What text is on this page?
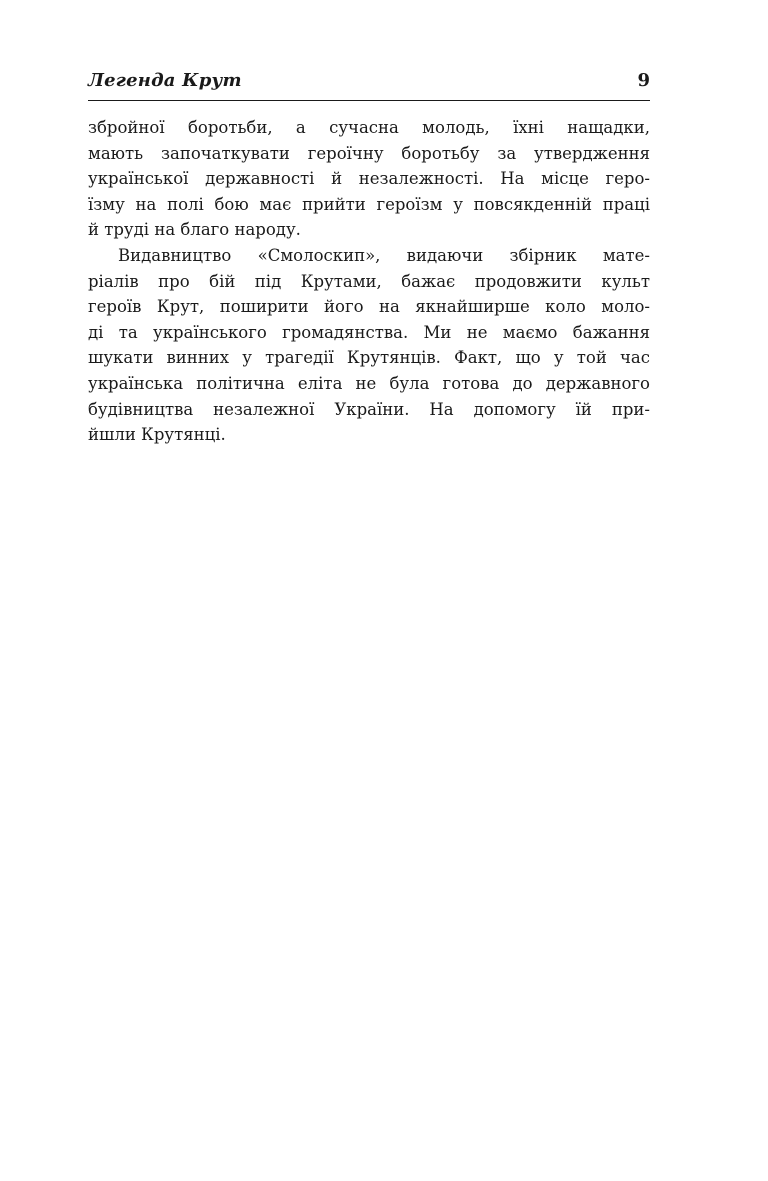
Легенда Крут	9
збройної боротьби, а сучасна молодь, їхні нащадки,
мають започаткувати героїчну боротьбу за утвердження
української державності й незалежності. На місце геро-
їзму на полі бою має прийти героїзм у повсякденній праці
й труді на благо народу.
Видавництво «Смолоскип», видаючи збірник мате-
ріалів про бій під Крутами, бажає продовжити культ
героїв Крут, поширити його на якнайширше коло моло-
ді та українського громадянства. Ми не маємо бажання
шукати винних у трагедії Крутянців. Факт, що у той час
українська політична еліта не була готова до державного
будівництва незалежної України. На допомогу їй при-
йшли Крутянці.
